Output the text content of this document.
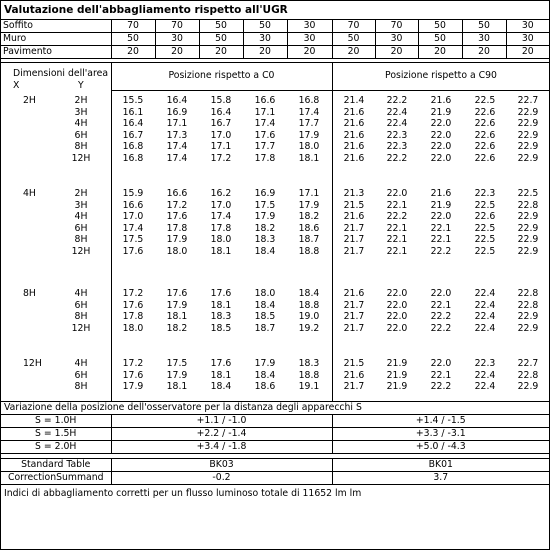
Valutazione dell'abbagliamento rispetto all'UGR
Soffito	70	70	50	50	30	70	70	50	50	30
Muro	50	30	50	30	30	50	30	50	30	30
Pavimento	20	20	20	20	20	20	20	20	20	20
Dimensioni dell'area
X	Y
Posizione rispetto a C0	Posizione rispetto a C90
2H	2H	15.5	16.4	15.8	16.6	16.8	21.4	22.2	21.6	22.5	22.7
3H	16.1	16.9	16.4	17.1	17.4	21.6	22.4	21.9	22.6	22.9
4H	16.4	17.1	16.7	17.4	17.7	21.6	22.4	22.0	22.6	22.9
6H	16.7	17.3	17.0	17.6	17.9	21.6	22.3	22.0	22.6	22.9
8H	16.8	17.4	17.1	17.7	18.0	21.6	22.3	22.0	22.6	22.9
12H	16.8	17.4	17.2	17.8	18.1	21.6	22.2	22.0	22.6	22.9
4H	2H	15.9	16.6	16.2	16.9	17.1	21.3	22.0	21.6	22.3	22.5
3H	16.6	17.2	17.0	17.5	17.9	21.5	22.1	21.9	22.5	22.8
4H	17.0	17.6	17.4	17.9	18.2	21.6	22.2	22.0	22.6	22.9
6H	17.4	17.8	17.8	18.2	18.6	21.7	22.1	22.1	22.5	22.9
8H	17.5	17.9	18.0	18.3	18.7	21.7	22.1	22.1	22.5	22.9
12H	17.6	18.0	18.1	18.4	18.8	21.7	22.1	22.2	22.5	22.9
8H	4H	17.2	17.6	17.6	18.0	18.4	21.6	22.0	22.0	22.4	22.8
6H	17.6	17.9	18.1	18.4	18.8	21.7	22.0	22.1	22.4	22.8
8H	17.8	18.1	18.3	18.5	19.0	21.7	22.0	22.2	22.4	22.9
12H	18.0	18.2	18.5	18.7	19.2	21.7	22.0	22.2	22.4	22.9
12H	4H	17.2	17.5	17.6	17.9	18.3	21.5	21.9	22.0	22.3	22.7
6H	17.6	17.9	18.1	18.4	18.8	21.6	21.9	22.1	22.4	22.8
8H	17.9	18.1	18.4	18.6	19.1	21.7	21.9	22.2	22.4	22.9
Variazione della posizione dell'osservatore per la distanza degli apparecchi S
S = 1.0H	+1.1 / -1.0	+1.4 / -1.5
S = 1.5H	+2.2 / -1.4	+3.3 / -3.1
S = 2.0H	+3.4 / -1.8	+5.0 / -4.3
Standard Table	BK03	BK01
CorrectionSummand	-0.2	3.7
Indici di abbagliamento corretti per un flusso luminoso totale di 11652 lm lm
